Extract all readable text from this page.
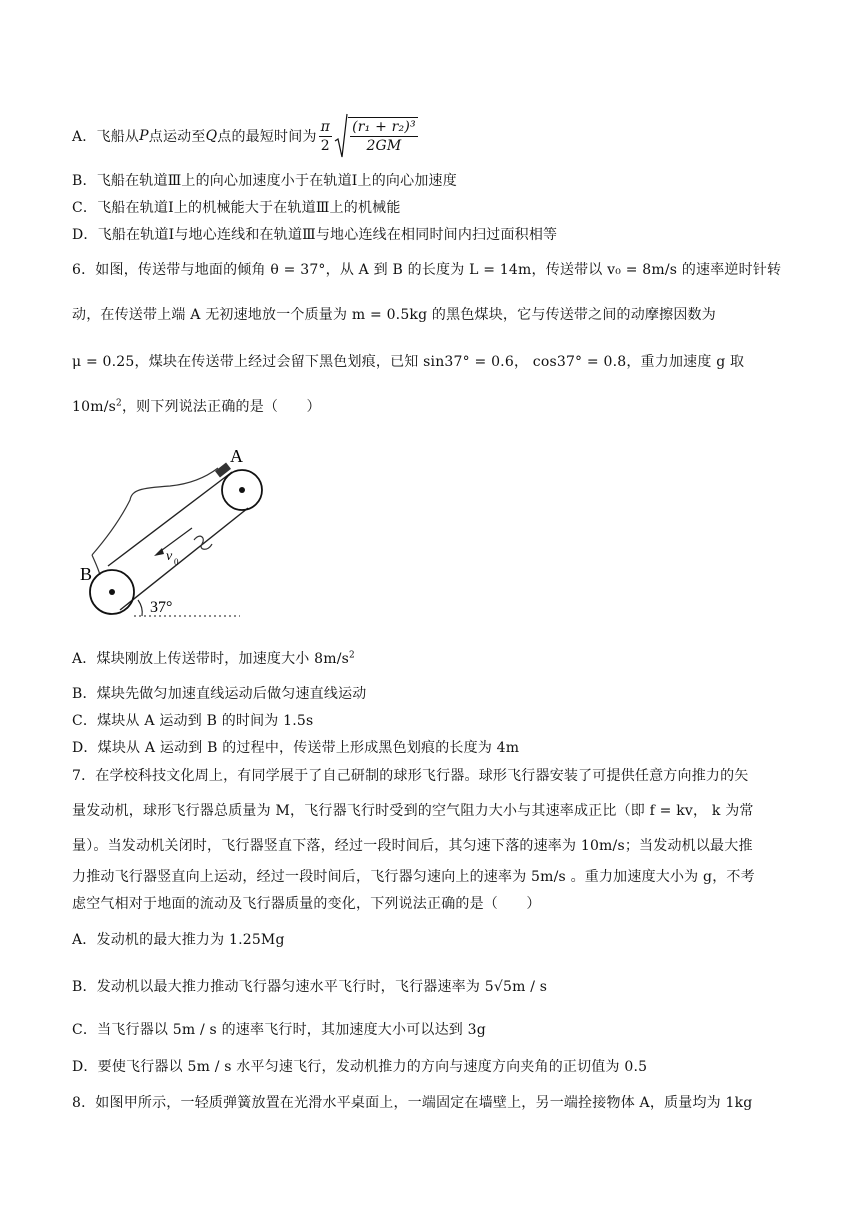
A．飞船从 P 点运动至 Q 点的最短时间为 $\frac{\pi}{2} \frac{\text{(r₁ + r₂)³}}{2GM}$
B．飞船在轨道Ⅲ上的向心加速度小于在轨道Ⅰ上的向心加速度
C．飞船在轨道Ⅰ上的机械能大于在轨道Ⅲ上的机械能
D．飞船在轨道Ⅰ与地心连线和在轨道Ⅲ与地心连线在相同时间内扫过面积相等
6．如图，传送带与地面的倾角 θ = 37°，从 A 到 B 的长度为 L = 14m，传送带以 v₀ = 8m/s 的速率逆时针转
动，在传送带上端 A 无初速地放一个质量为 m = 0.5kg 的黑色煤块，它与传送带之间的动摩擦因数为
μ = 0.25，煤块在传送带上经过会留下黑色划痕，已知 sin37° = 0.6， cos37° = 0.8，重力加速度 g 取
$10m/s^2$，则下列说法正确的是（　　）
v 0
37°
A
B
A．煤块刚放上传送带时，加速度大小 $8m/s^2$
B．煤块先做匀加速直线运动后做匀速直线运动
C．煤块从 A 运动到 B 的时间为 1.5s
D．煤块从 A 运动到 B 的过程中，传送带上形成黑色划痕的长度为 4m
7．在学校科技文化周上，有同学展于了自己研制的球形飞行器。球形飞行器安装了可提供任意方向推力的矢
量发动机，球形飞行器总质量为 M，飞行器飞行时受到的空气阻力大小与其速率成正比（即 f = kv， k 为常
量）。当发动机关闭时，飞行器竖直下落，经过一段时间后，其匀速下落的速率为 10m/s；当发动机以最大推
力推动飞行器竖直向上运动，经过一段时间后，飞行器匀速向上的速率为 5m/s 。重力加速度大小为 g，不考
虑空气相对于地面的流动及飞行器质量的变化，下列说法正确的是（　　）
A．发动机的最大推力为 1.25Mg
B．发动机以最大推力推动飞行器匀速水平飞行时，飞行器速率为 5√5m / s
C．当飞行器以 5m / s 的速率飞行时，其加速度大小可以达到 3g
D．要使飞行器以 5m / s 水平匀速飞行，发动机推力的方向与速度方向夹角的正切值为 0.5
8．如图甲所示，一轻质弹簧放置在光滑水平桌面上，一端固定在墙壁上，另一端拴接物体 A，质量均为 1kg
